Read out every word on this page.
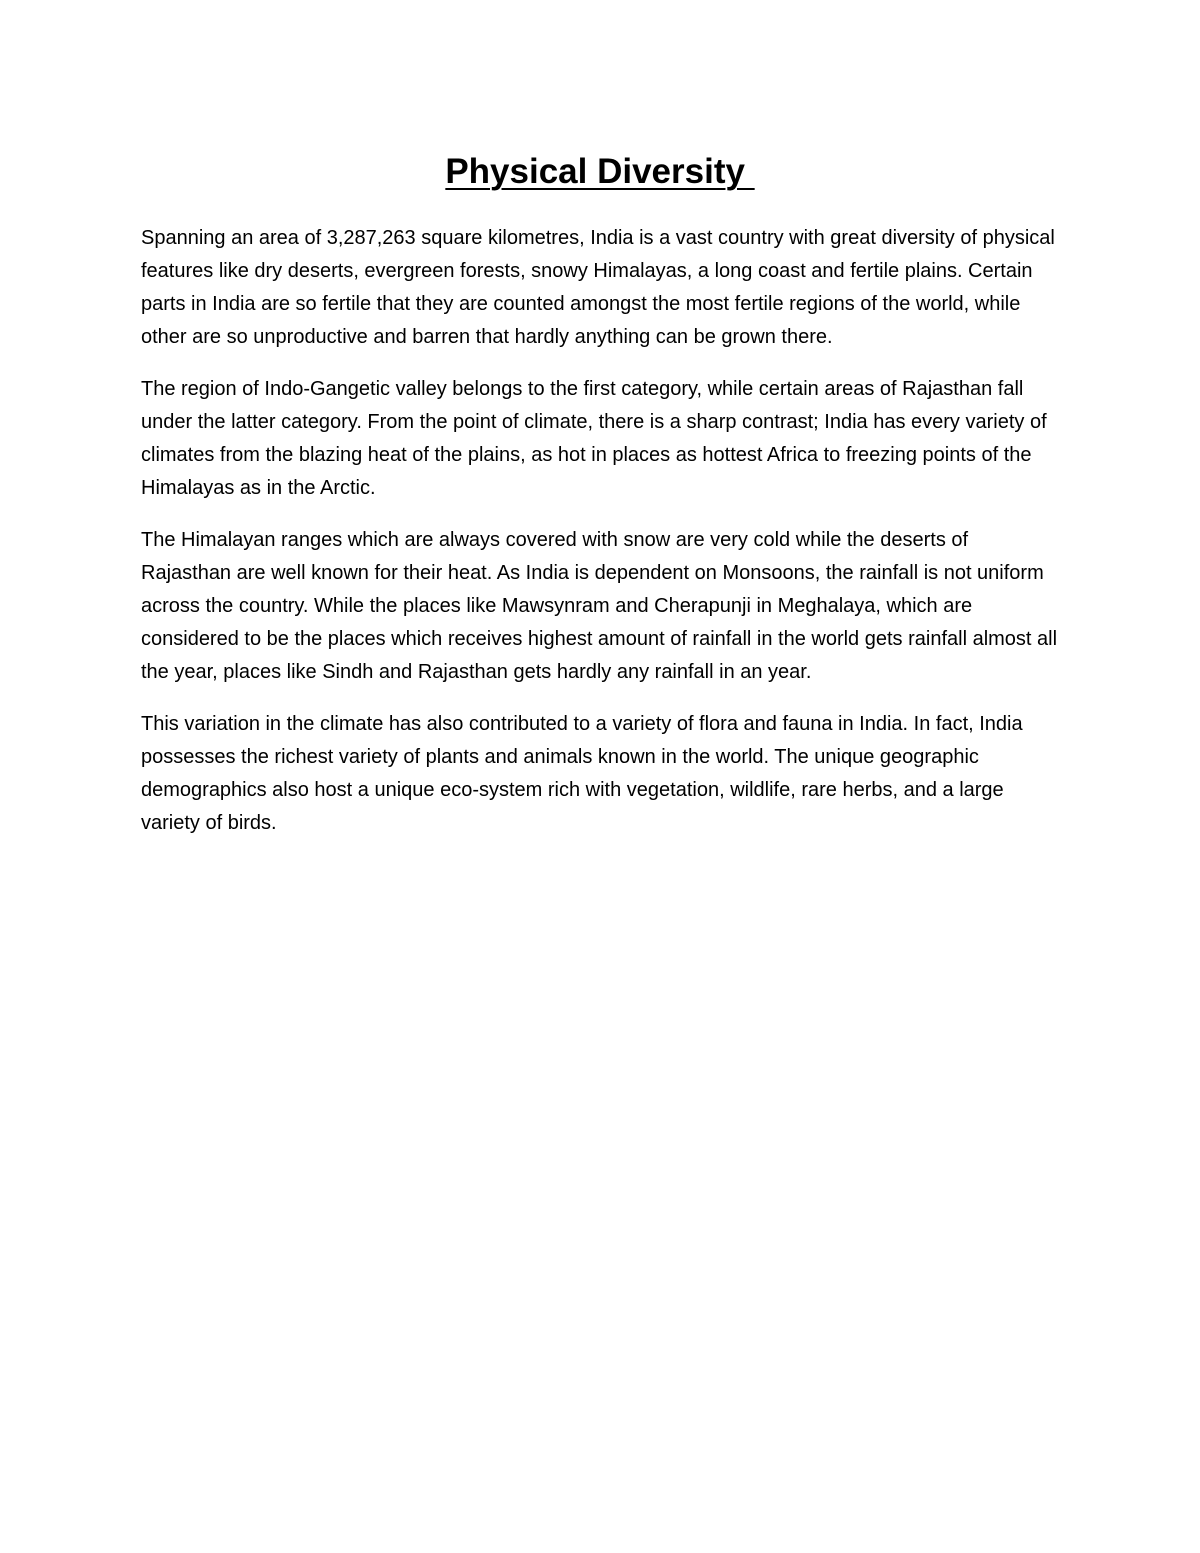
Physical Diversity

Spanning an area of 3,287,263 square kilometres, India is a vast country with great diversity of physical features like dry deserts, evergreen forests, snowy Himalayas, a long coast and fertile plains. Certain parts in India are so fertile that they are counted amongst the most fertile regions of the world, while other are so unproductive and barren that hardly anything can be grown there.

The region of Indo-Gangetic valley belongs to the first category, while certain areas of Rajasthan fall under the latter category. From the point of climate, there is a sharp contrast; India has every variety of climates from the blazing heat of the plains, as hot in places as hottest Africa to freezing points of the Himalayas as in the Arctic.

The Himalayan ranges which are always covered with snow are very cold while the deserts of Rajasthan are well known for their heat. As India is dependent on Monsoons, the rainfall is not uniform across the country. While the places like Mawsynram and Cherapunji in Meghalaya, which are considered to be the places which receives highest amount of rainfall in the world gets rainfall almost all the year, places like Sindh and Rajasthan gets hardly any rainfall in an year.

This variation in the climate has also contributed to a variety of flora and fauna in India. In fact, India possesses the richest variety of plants and animals known in the world. The unique geographic demographics also host a unique eco-system rich with vegetation, wildlife, rare herbs, and a large variety of birds.
